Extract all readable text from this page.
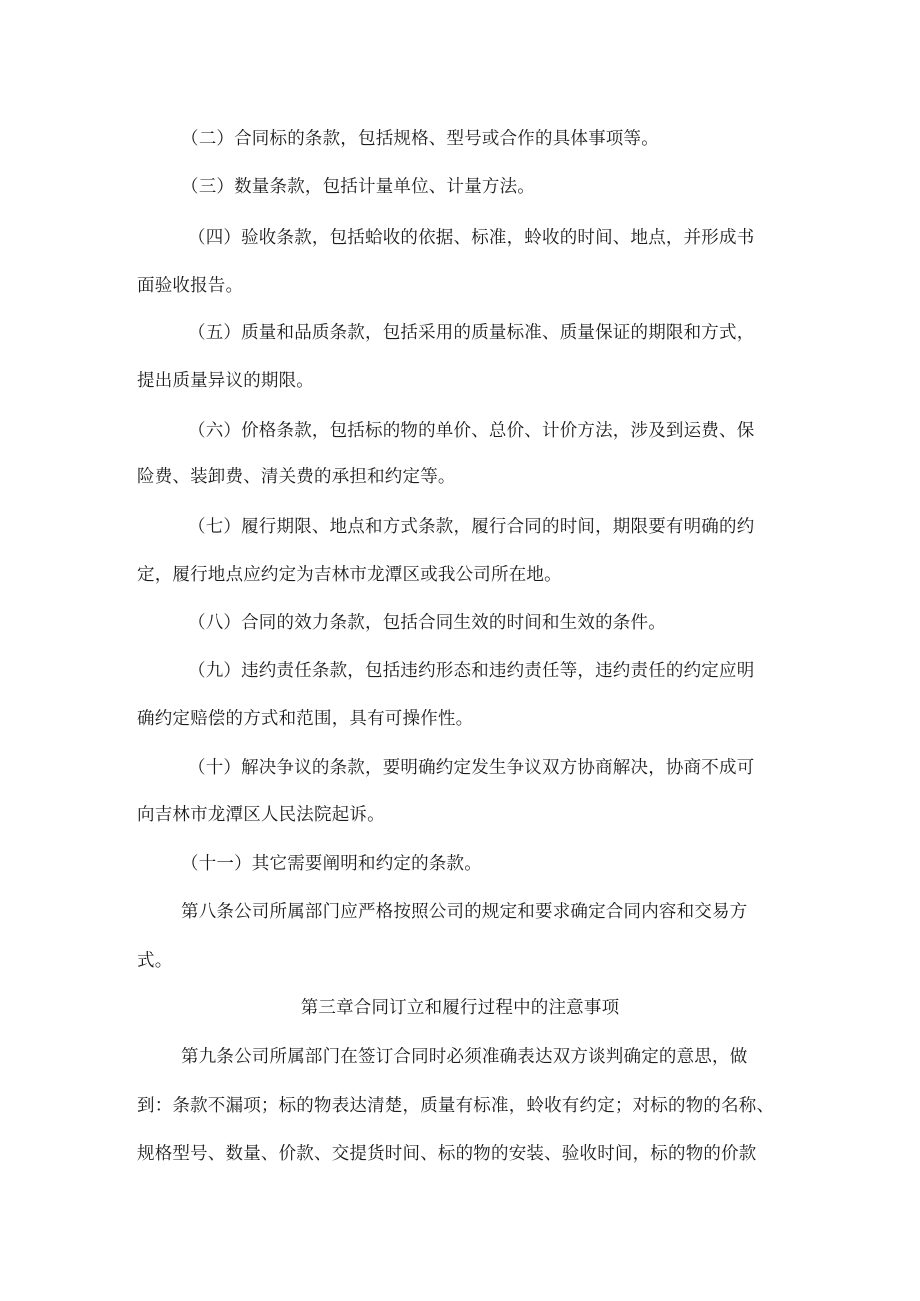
（二）合同标的条款，包括规格、型号或合作的具体事项等。
（三）数量条款，包括计量单位、计量方法。
（四）验收条款，包括蛤收的依据、标准，蛉收的时间、地点，并形成书
面验收报告。
（五）质量和品质条款，包括采用的质量标准、质量保证的期限和方式，
提出质量异议的期限。
（六）价格条款，包括标的物的单价、总价、计价方法，涉及到运费、保
险费、装卸费、清关费的承担和约定等。
（七）履行期限、地点和方式条款，履行合同的时间，期限要有明确的约
定，履行地点应约定为吉林市龙潭区或我公司所在地。
（八）合同的效力条款，包括合同生效的时间和生效的条件。
（九）违约责任条款，包括违约形态和违约责任等，违约责任的约定应明
确约定赔偿的方式和范围，具有可操作性。
（十）解决争议的条款，要明确约定发生争议双方协商解决，协商不成可
向吉林市龙潭区人民法院起诉。
（十一）其它需要阐明和约定的条款。
第八条公司所属部门应严格按照公司的规定和要求确定合同内容和交易方
式。
第三章合同订立和履行过程中的注意事项
第九条公司所属部门在签订合同时必须准确表达双方谈判确定的意思，做
到：条款不漏项；标的物表达清楚，质量有标准，蛉收有约定；对标的物的名称、
规格型号、数量、价款、交提货时间、标的物的安装、验收时间，标的物的价款
